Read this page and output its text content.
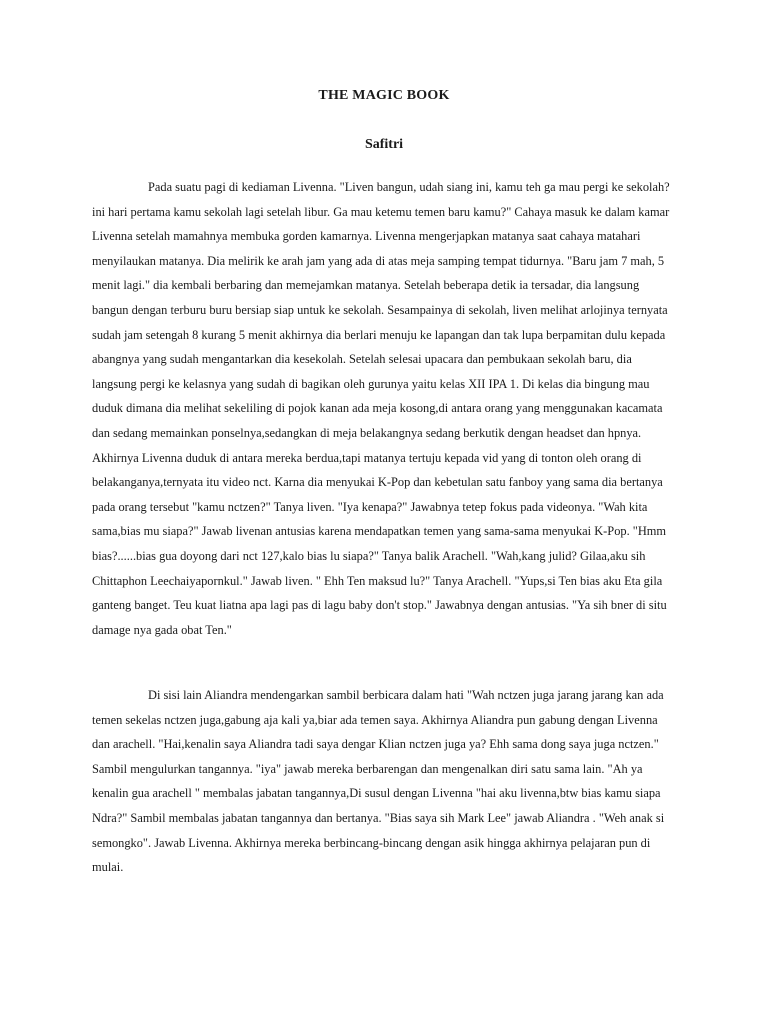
THE MAGIC BOOK
Safitri
Pada suatu pagi di kediaman Livenna. "Liven bangun, udah siang ini, kamu teh ga mau pergi ke sekolah?
ini hari pertama kamu sekolah lagi setelah libur. Ga mau ketemu temen baru kamu?" Cahaya masuk ke dalam kamar
Livenna setelah mamahnya membuka gorden kamarnya. Livenna mengerjapkan matanya saat cahaya matahari
menyilaukan matanya. Dia melirik ke arah jam yang ada di atas meja samping tempat tidurnya. "Baru jam 7 mah, 5
menit lagi." dia kembali berbaring dan memejamkan matanya. Setelah beberapa detik ia tersadar, dia langsung
bangun dengan terburu buru bersiap siap untuk ke sekolah. Sesampainya di sekolah, liven melihat arlojinya ternyata
sudah jam setengah 8 kurang 5 menit akhirnya dia berlari menuju ke lapangan dan tak lupa berpamitan dulu kepada
abangnya yang sudah mengantarkan dia kesekolah. Setelah selesai upacara dan pembukaan sekolah baru, dia
langsung pergi ke kelasnya yang sudah di bagikan oleh gurunya yaitu kelas XII IPA 1. Di kelas dia bingung mau
duduk dimana dia melihat sekeliling di pojok kanan ada meja kosong,di antara orang yang menggunakan kacamata
dan sedang memainkan ponselnya,sedangkan di meja belakangnya sedang berkutik dengan headset dan hpnya.
Akhirnya Livenna duduk di antara mereka berdua,tapi matanya tertuju kepada vid yang di tonton oleh orang di
belakanganya,ternyata itu video nct. Karna dia menyukai K-Pop dan kebetulan satu fanboy yang sama dia bertanya
pada orang tersebut "kamu nctzen?" Tanya liven. "Iya kenapa?" Jawabnya tetep fokus pada videonya. "Wah kita
sama,bias mu siapa?" Jawab livenan antusias karena mendapatkan temen yang sama-sama menyukai K-Pop. "Hmm
bias?......bias gua doyong dari nct 127,kalo bias lu siapa?" Tanya balik Arachell. "Wah,kang julid? Gilaa,aku sih
Chittaphon Leechaiyapornkul." Jawab liven. " Ehh Ten maksud lu?" Tanya Arachell. "Yups,si Ten bias aku Eta gila
ganteng banget. Teu kuat liatna apa lagi pas di lagu baby don't stop." Jawabnya dengan antusias. "Ya sih bner di situ
damage nya gada obat Ten."
Di sisi lain Aliandra mendengarkan sambil berbicara dalam hati "Wah nctzen juga jarang jarang kan ada
temen sekelas nctzen juga,gabung aja kali ya,biar ada temen saya. Akhirnya Aliandra pun gabung dengan Livenna
dan arachell. "Hai,kenalin saya Aliandra tadi saya dengar Klian nctzen juga ya? Ehh sama dong saya juga nctzen."
Sambil mengulurkan tangannya. "iya" jawab mereka berbarengan dan mengenalkan diri satu sama lain. "Ah ya
kenalin gua arachell " membalas jabatan tangannya,Di susul dengan Livenna "hai aku livenna,btw bias kamu siapa
Ndra?" Sambil membalas jabatan tangannya dan bertanya. "Bias saya sih Mark Lee" jawab Aliandra . "Weh anak si
semongko". Jawab Livenna. Akhirnya mereka berbincang-bincang dengan asik hingga akhirnya pelajaran pun di
mulai.
